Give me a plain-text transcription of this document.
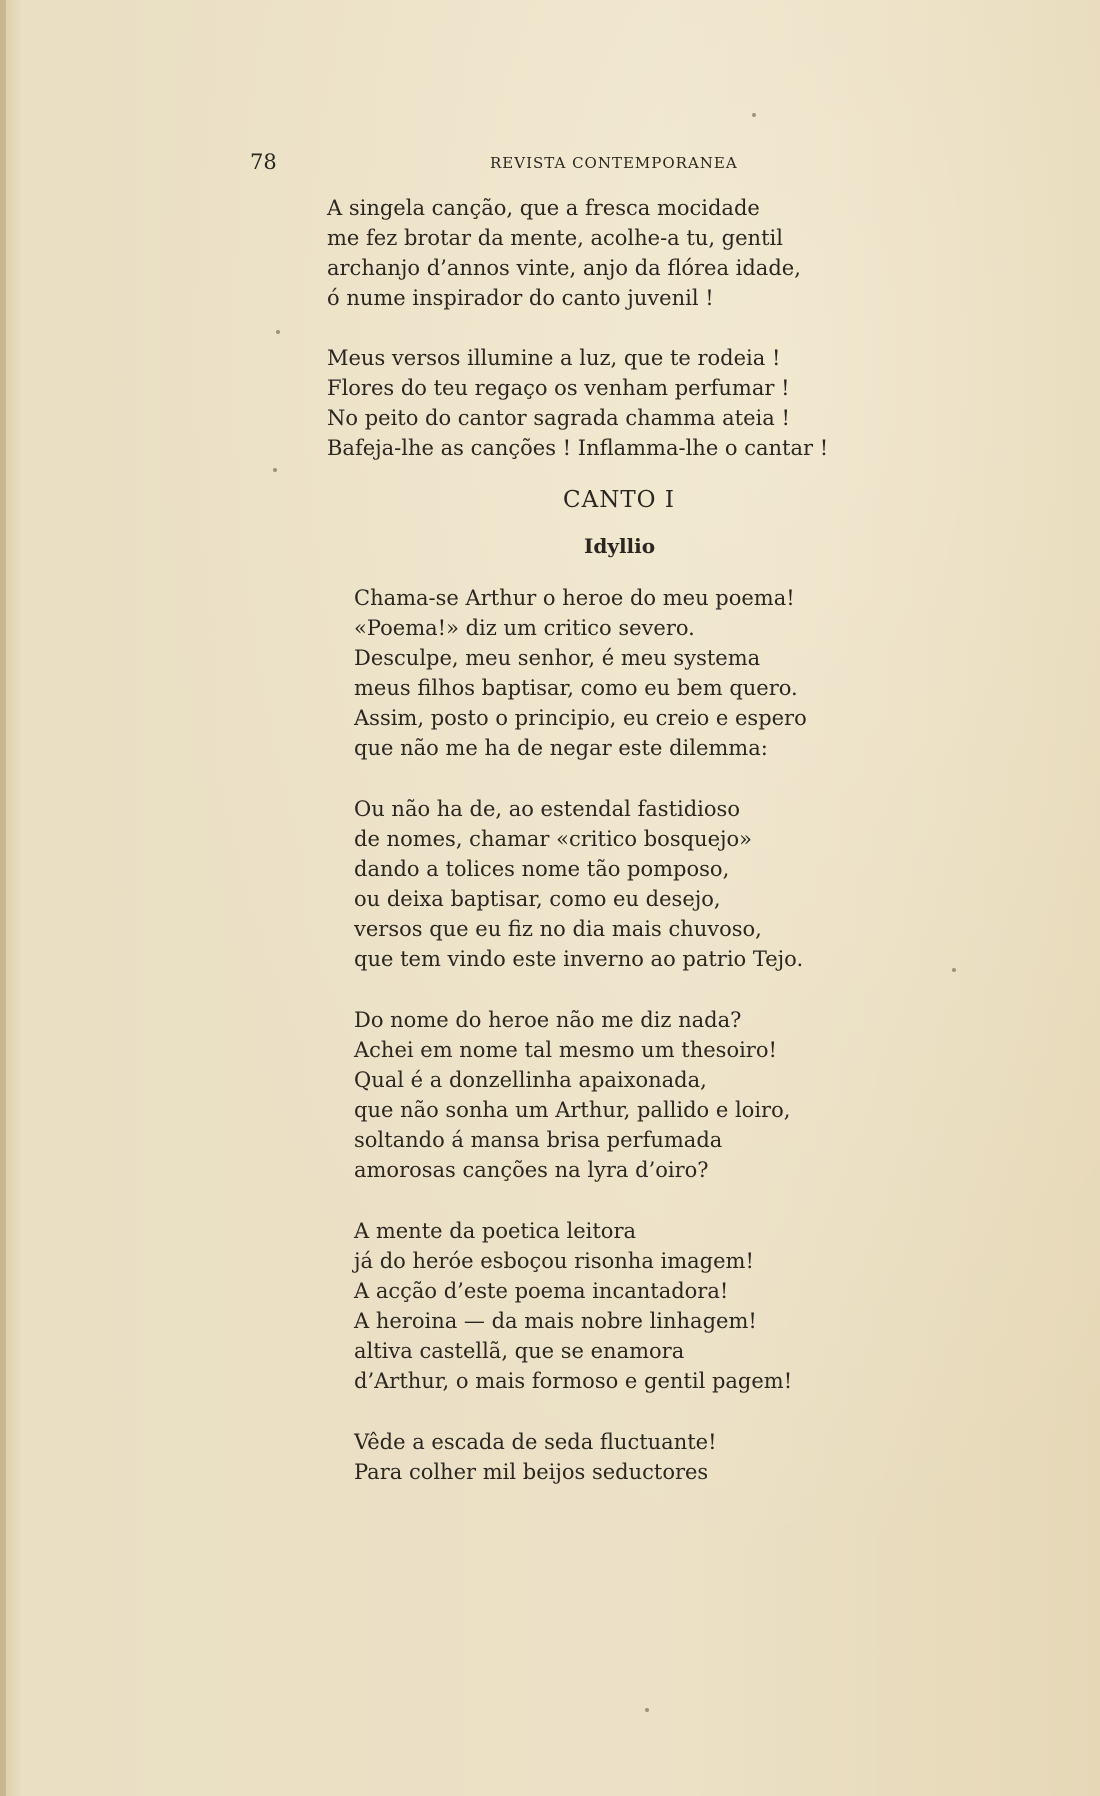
78	REVISTA CONTEMPORANEA
A singela canção, que a fresca mocidade
me fez brotar da mente, acolhe-a tu, gentil
archanjo d’annos vinte, anjo da flórea idade,
ó nume inspirador do canto juvenil !
Meus versos illumine a luz, que te rodeia !
Flores do teu regaço os venham perfumar !
No peito do cantor sagrada chamma ateia !
Bafeja-lhe as canções ! Inflamma-lhe o cantar !
CANTO I
Idyllio
Chama-se Arthur o heroe do meu poema!
«Poema!» diz um critico severo.
Desculpe, meu senhor, é meu systema
meus filhos baptisar, como eu bem quero.
Assim, posto o principio, eu creio e espero
que não me ha de negar este dilemma:
Ou não ha de, ao estendal fastidioso
de nomes, chamar «critico bosquejo»
dando a tolices nome tão pomposo,
ou deixa baptisar, como eu desejo,
versos que eu fiz no dia mais chuvoso,
que tem vindo este inverno ao patrio Tejo.
Do nome do heroe não me diz nada?
Achei em nome tal mesmo um thesoiro!
Qual é a donzellinha apaixonada,
que não sonha um Arthur, pallido e loiro,
soltando á mansa brisa perfumada
amorosas canções na lyra d’oiro?
A mente da poetica leitora
já do heróe esboçou risonha imagem!
A acção d’este poema incantadora!
A heroina — da mais nobre linhagem!
altiva castellã, que se enamora
d’Arthur, o mais formoso e gentil pagem!
Vêde a escada de seda fluctuante!
Para colher mil beijos seductores
